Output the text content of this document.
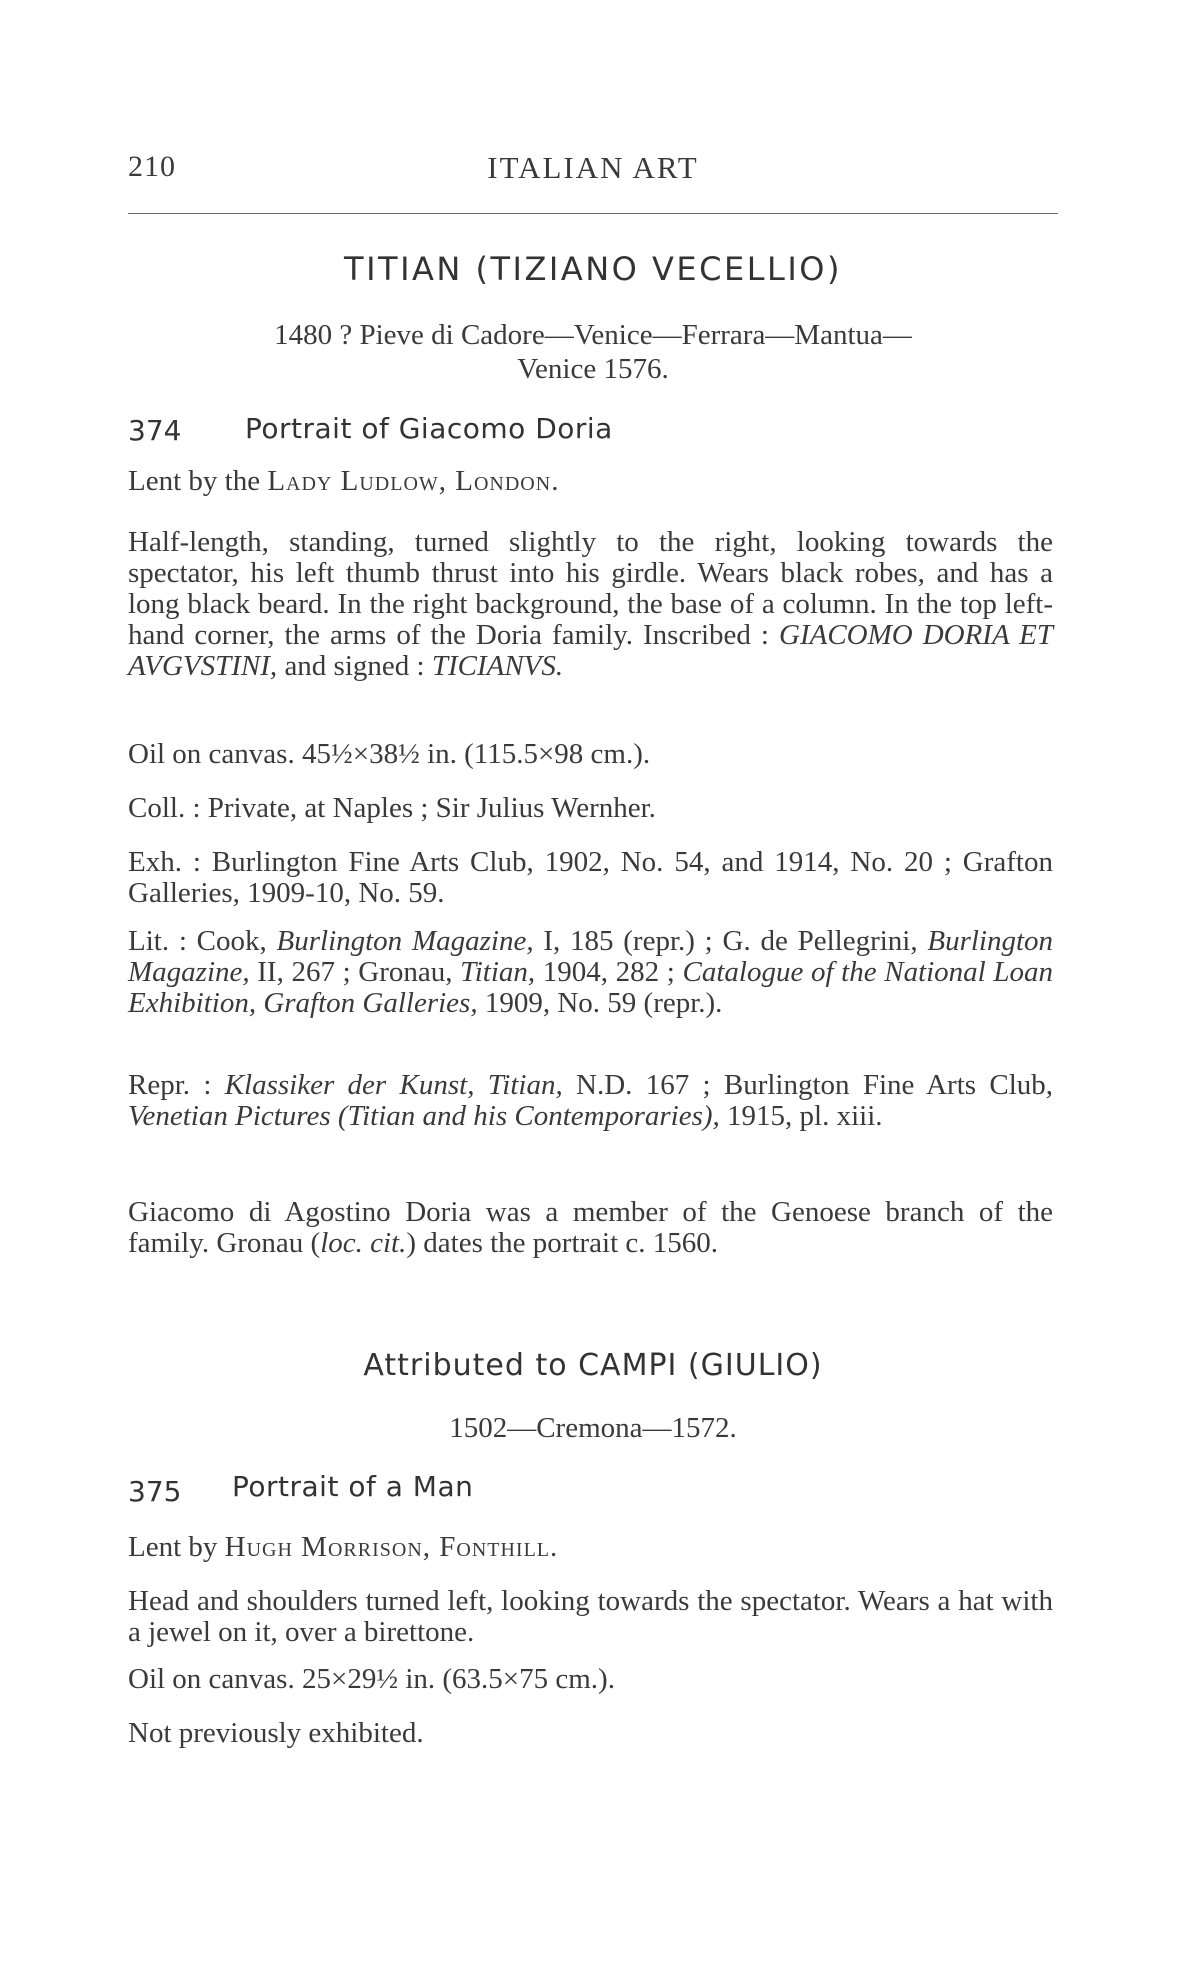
210	ITALIAN ART
TITIAN (TIZIANO VECELLIO)
1480 ? Pieve di Cadore—Venice—Ferrara—Mantua—
Venice 1576.
374 Portrait of Giacomo Doria

Lent by the Lady Ludlow, London.

Half-length, standing, turned slightly to the right, looking towards the spectator, his left thumb thrust into his girdle. Wears black robes, and has a long black beard. In the right background, the base of a column. In the top left-hand corner, the arms of the Doria family. Inscribed : GIACOMO DORIA ET AVGVSTINI, and signed : TICIANVS.

Oil on canvas. 45½×38½ in. (115.5×98 cm.).

Coll. : Private, at Naples ; Sir Julius Wernher.

Exh. : Burlington Fine Arts Club, 1902, No. 54, and 1914, No. 20 ; Grafton Galleries, 1909-10, No. 59.

Lit. : Cook, Burlington Magazine, I, 185 (repr.) ; G. de Pellegrini, Burlington Magazine, II, 267 ; Gronau, Titian, 1904, 282 ; Catalogue of the National Loan Exhibition, Grafton Galleries, 1909, No. 59 (repr.).

Repr. : Klassiker der Kunst, Titian, N.D. 167 ; Burlington Fine Arts Club, Venetian Pictures (Titian and his Contemporaries), 1915, pl. xiii.

Giacomo di Agostino Doria was a member of the Genoese branch of the family. Gronau (loc. cit.) dates the portrait c. 1560.

Attributed to CAMPI (GIULIO)
1502—Cremona—1572.
375 Portrait of a Man

Lent by Hugh Morrison, Fonthill.

Head and shoulders turned left, looking towards the spectator. Wears a hat with a jewel on it, over a birettone.

Oil on canvas. 25×29½ in. (63.5×75 cm.).

Not previously exhibited.
